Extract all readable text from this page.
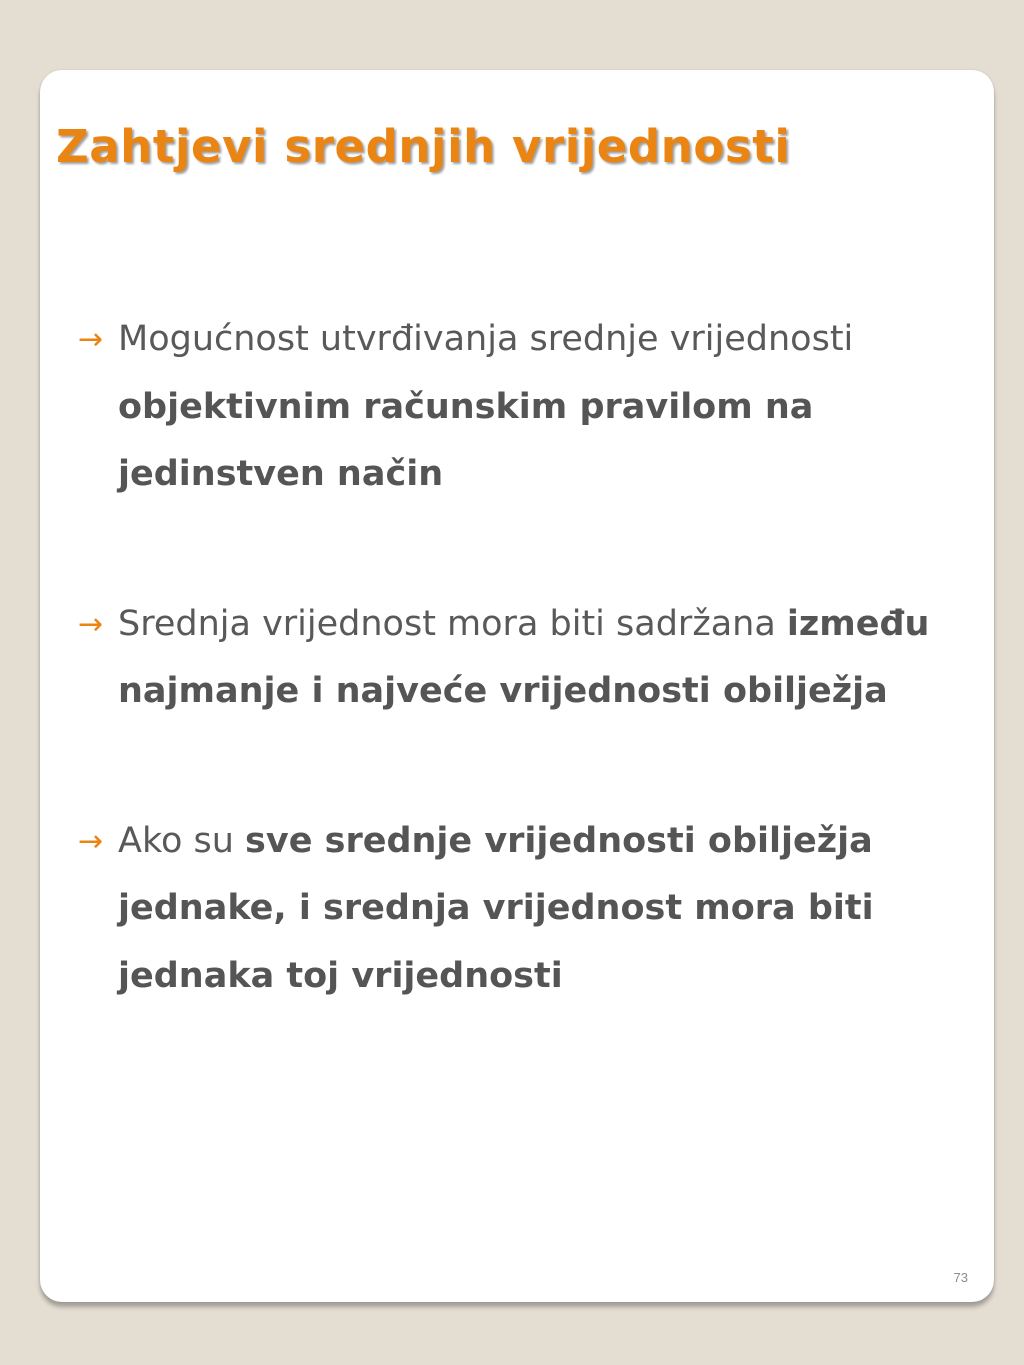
Zahtjevi srednjih vrijednosti
→ Mogućnost utvrđivanja srednje vrijednosti objektivnim računskim pravilom na jedinstven način
→ Srednja vrijednost mora biti sadržana između najmanje i najveće vrijednosti obilježja
→ Ako su sve srednje vrijednosti obilježja jednake, i srednja vrijednost mora biti jednaka toj vrijednosti
73
